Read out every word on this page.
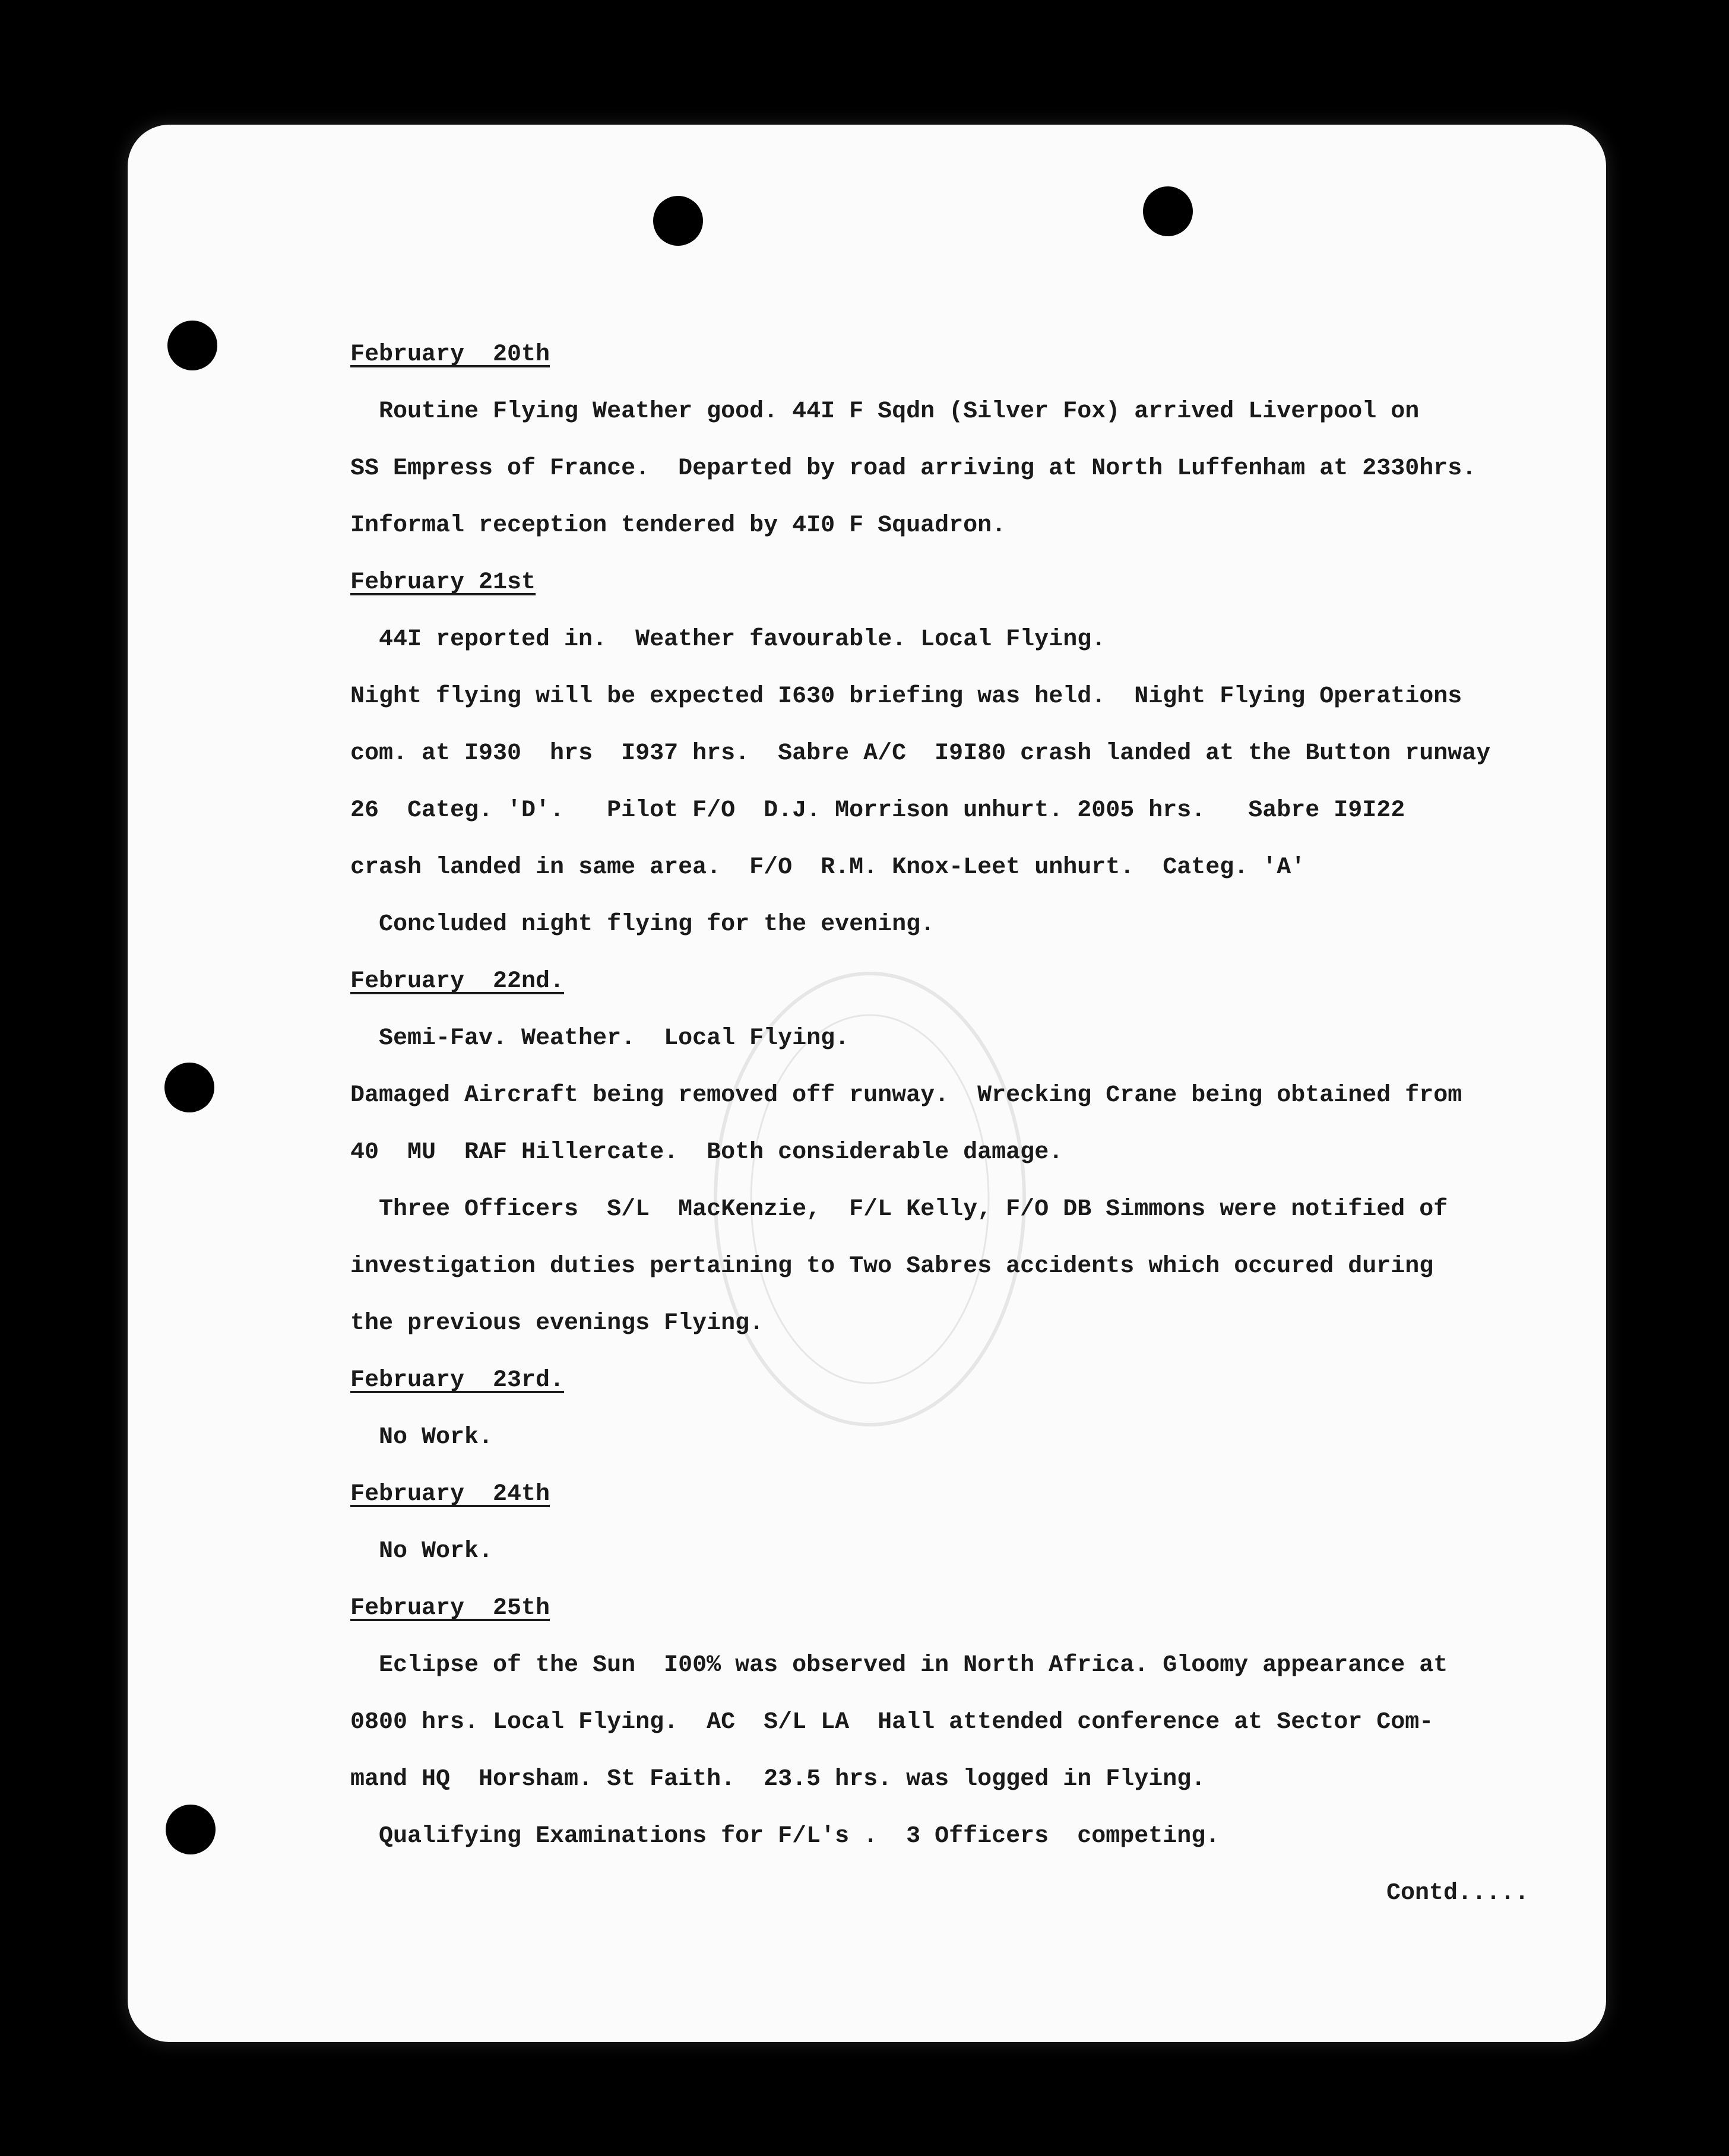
February  20th
Routine Flying Weather good. 44I F Sqdn (Silver Fox) arrived Liverpool on
SS Empress of France.  Departed by road arriving at North Luffenham at 2330hrs.
Informal reception tendered by 4I0 F Squadron.
February 21st
44I reported in.  Weather favourable. Local Flying.
Night flying will be expected I630 briefing was held.  Night Flying Operations
com. at I930  hrs  I937 hrs.  Sabre A/C  I9I80 crash landed at the Button runway
26  Categ. 'D'.   Pilot F/O  D.J. Morrison unhurt. 2005 hrs.   Sabre I9I22
crash landed in same area.  F/O  R.M. Knox-Leet unhurt.  Categ. 'A'
Concluded night flying for the evening.
February  22nd.
Semi-Fav. Weather.  Local Flying.
Damaged Aircraft being removed off runway.  Wrecking Crane being obtained from
40  MU  RAF Hillercate.  Both considerable damage.
Three Officers  S/L  MacKenzie,  F/L Kelly, F/O DB Simmons were notified of
investigation duties pertaining to Two Sabres accidents which occured during
the previous evenings Flying.
February  23rd.
No Work.
February  24th
No Work.
February  25th
Eclipse of the Sun  I00% was observed in North Africa. Gloomy appearance at
0800 hrs. Local Flying.  AC  S/L LA  Hall attended conference at Sector Com-
mand HQ  Horsham. St Faith.  23.5 hrs. was logged in Flying.
Qualifying Examinations for F/L's .  3 Officers  competing.
Contd.....
